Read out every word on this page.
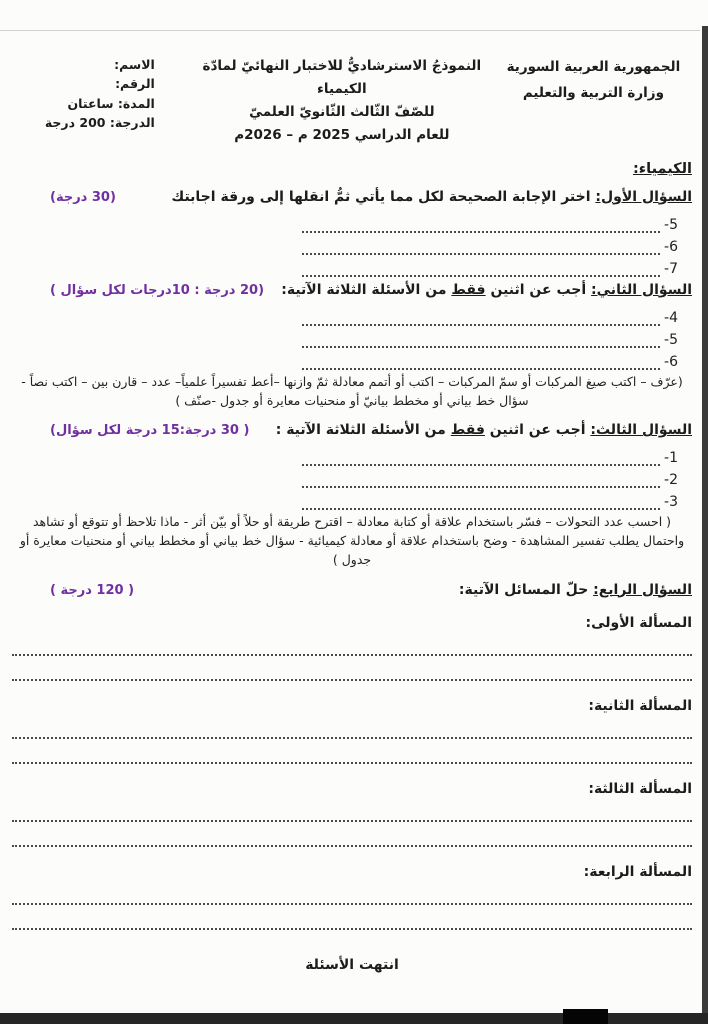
الجمهورية العربية السورية
وزارة التربية والتعليم
النموذجُ الاسترشاديُّ للاختبار النهائيّ لمادّة الكيمياء
للصّفّ الثّالث الثّانويّ العلميّ
للعام الدراسي 2025 م – 2026م
الاسم:
الرقم:
المدة: ساعتان
الدرجة: 200 درجة
الكيمياء:
السؤال الأول: اختر الإجابة الصحيحة لكل مما يأتي ثمُّ انقلها إلى ورقة اجابتك
(30 درجة)
5-
6-
7-
السؤال الثاني: أجب عن اثنين فقط من الأسئلة الثلاثة الآتية:
(20 درجة : 10درجات لكل سؤال )
4-
5-
6-
(عرّف – اكتب صيغ المركبات أو سمّ المركبات – اكتب أو أتمم معادلة ثمّ وازنها –أعط تفسيراً علمياً– عدد – قارن بين – اكتب نصاً - سؤال خط بياني أو مخطط بيانيّ أو منحنيات معايرة أو جدول -صنّف )
السؤال الثالث: أجب عن اثنين فقط من الأسئلة الثلاثة الآتية :
( 30 درجة:15 درجة لكل سؤال)
1-
2-
3-
( احسب عدد التحولات – فسّر باستخدام علاقة أو كتابة معادلة – اقترح طريقة أو حلاً أو بيّن أثر - ماذا تلاحظ أو تتوقع أو تشاهد واحتمال يطلب تفسير المشاهدة - وضح باستخدام علاقة أو معادلة كيميائية - سؤال خط بياني أو مخطط بياني أو منحنيات معايرة أو جدول )
السؤال الرابع: حلّ المسائل الآتية:
( 120 درجة )
المسألة الأولى:
المسألة الثانية:
المسألة الثالثة:
المسألة الرابعة:
انتهت الأسئلة
